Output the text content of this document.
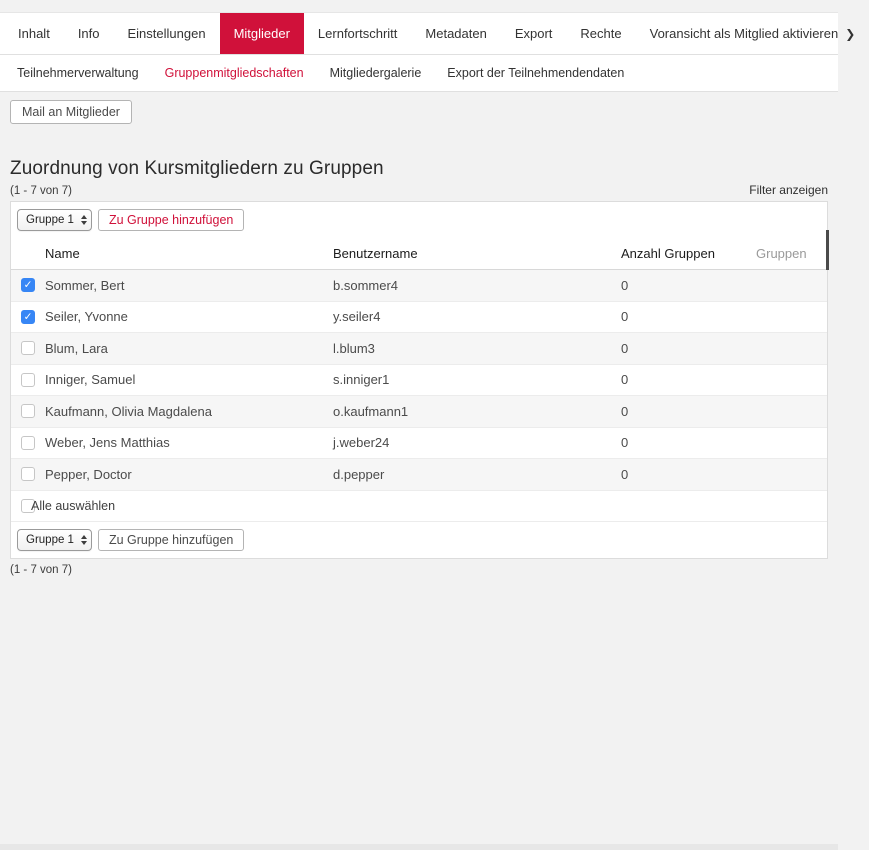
Inhalt	Info	Einstellungen	Mitglieder	Lernfortschritt	Metadaten	Export	Rechte	Voransicht als Mitglied aktivieren ❯
Teilnehmerverwaltung	Gruppenmitgliedschaften	Mitgliedergalerie	Export der Teilnehmendendaten
Mail an Mitglieder
Zuordnung von Kursmitgliedern zu Gruppen
(1 - 7 von 7)	Filter anzeigen
Gruppe 1	Zu Gruppe hinzufügen
Name	Benutzername	Anzahl Gruppen	Gruppen
✓
Sommer, Bert	b.sommer4	0
✓
Seiler, Yvonne	y.seiler4	0
Blum, Lara	l.blum3	0
Inniger, Samuel	s.inniger1	0
Kaufmann, Olivia Magdalena	o.kaufmann1	0
Weber, Jens Matthias	j.weber24	0
Pepper, Doctor	d.pepper	0
Alle auswählen
Gruppe 1	Zu Gruppe hinzufügen
(1 - 7 von 7)
